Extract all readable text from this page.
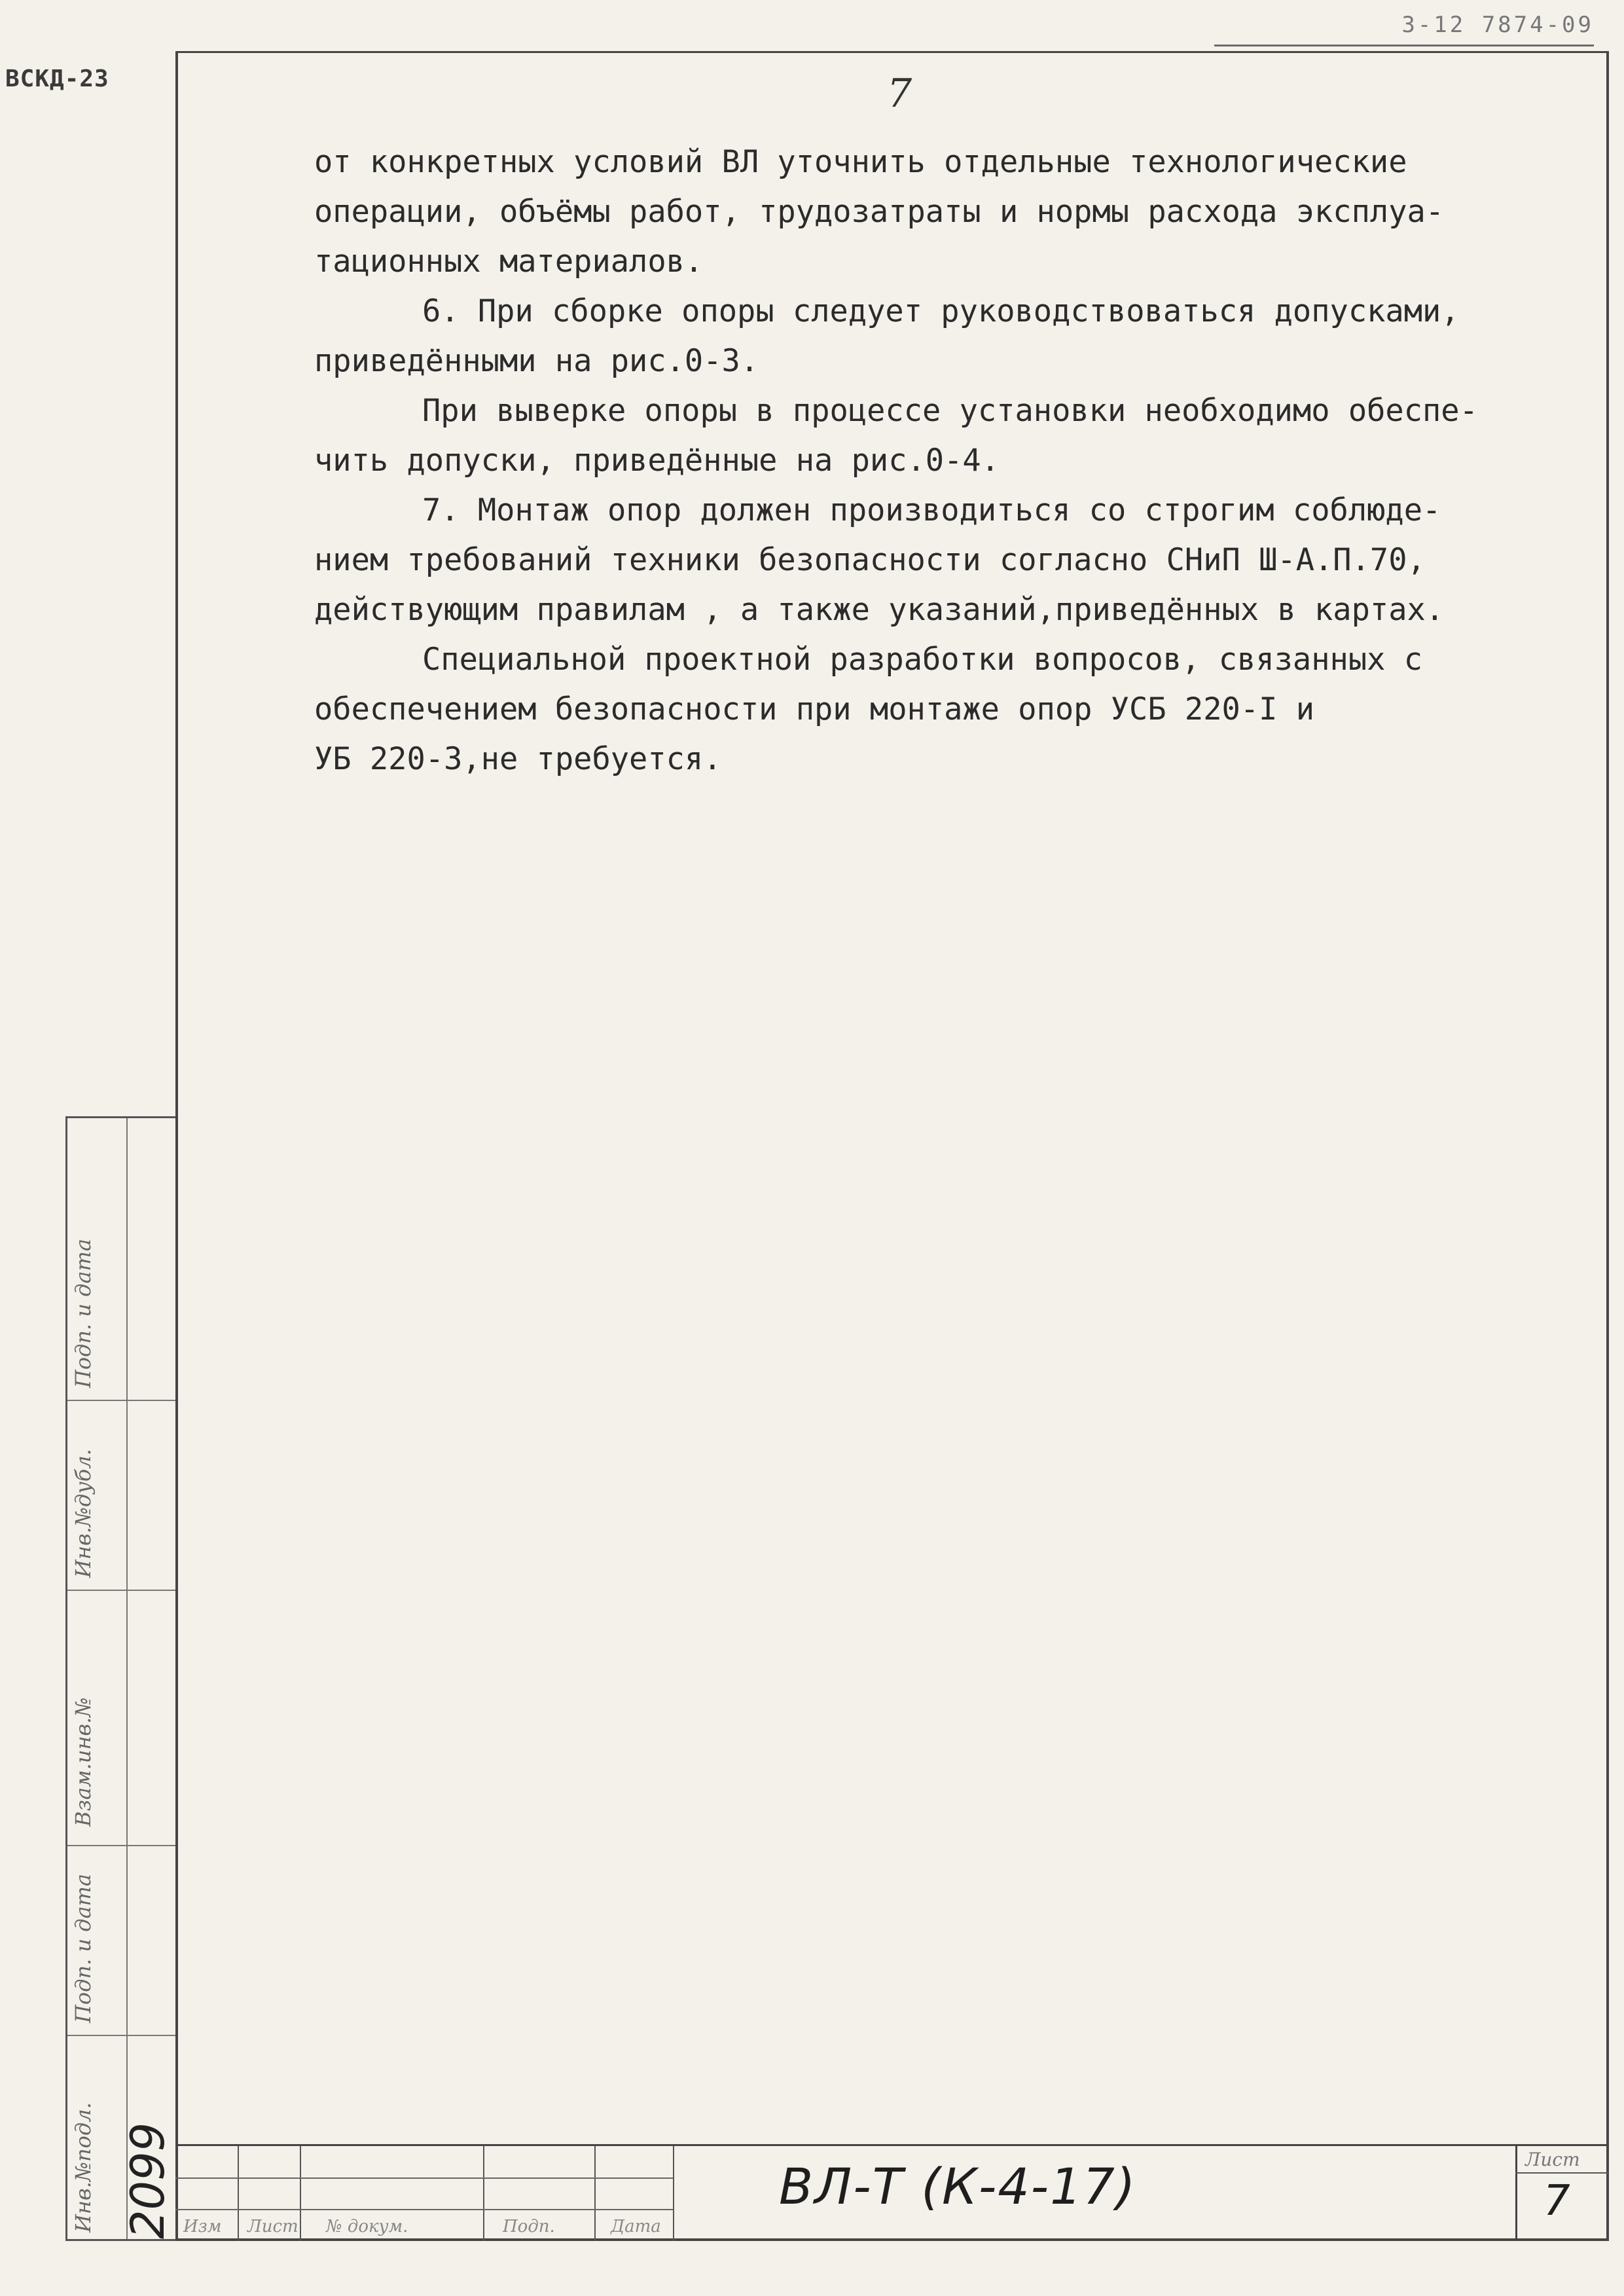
ВСКД-23
3-12 7874-09
7

от конкретных условий ВЛ уточнить отдельные технологические
операции, объёмы работ, трудозатраты и нормы расхода эксплуа-
тационных материалов.

6. При сборке опоры следует руководствоваться допусками,
приведёнными на рис.0-3.

При выверке опоры в процессе установки необходимо обеспе-
чить допуски, приведённые на рис.0-4.

7. Монтаж опор должен производиться со строгим соблюде-
нием требований техники безопасности согласно СНиП Ш-А.П.70,
действующим правилам , а также указаний,приведённых в картах.

Специальной проектной разработки вопросов, связанных с
обеспечением безопасности при монтаже опор УСБ 220-I и
УБ 220-3,не требуется.

Инв.№подл.
Подп. и дата
Взам.инв.№
Инв.№дубл.
Подп. и дата
2099 Изм Лист № докум.	Подп.	Дата
ВЛ-Т (К-4-17)	Лист
7
